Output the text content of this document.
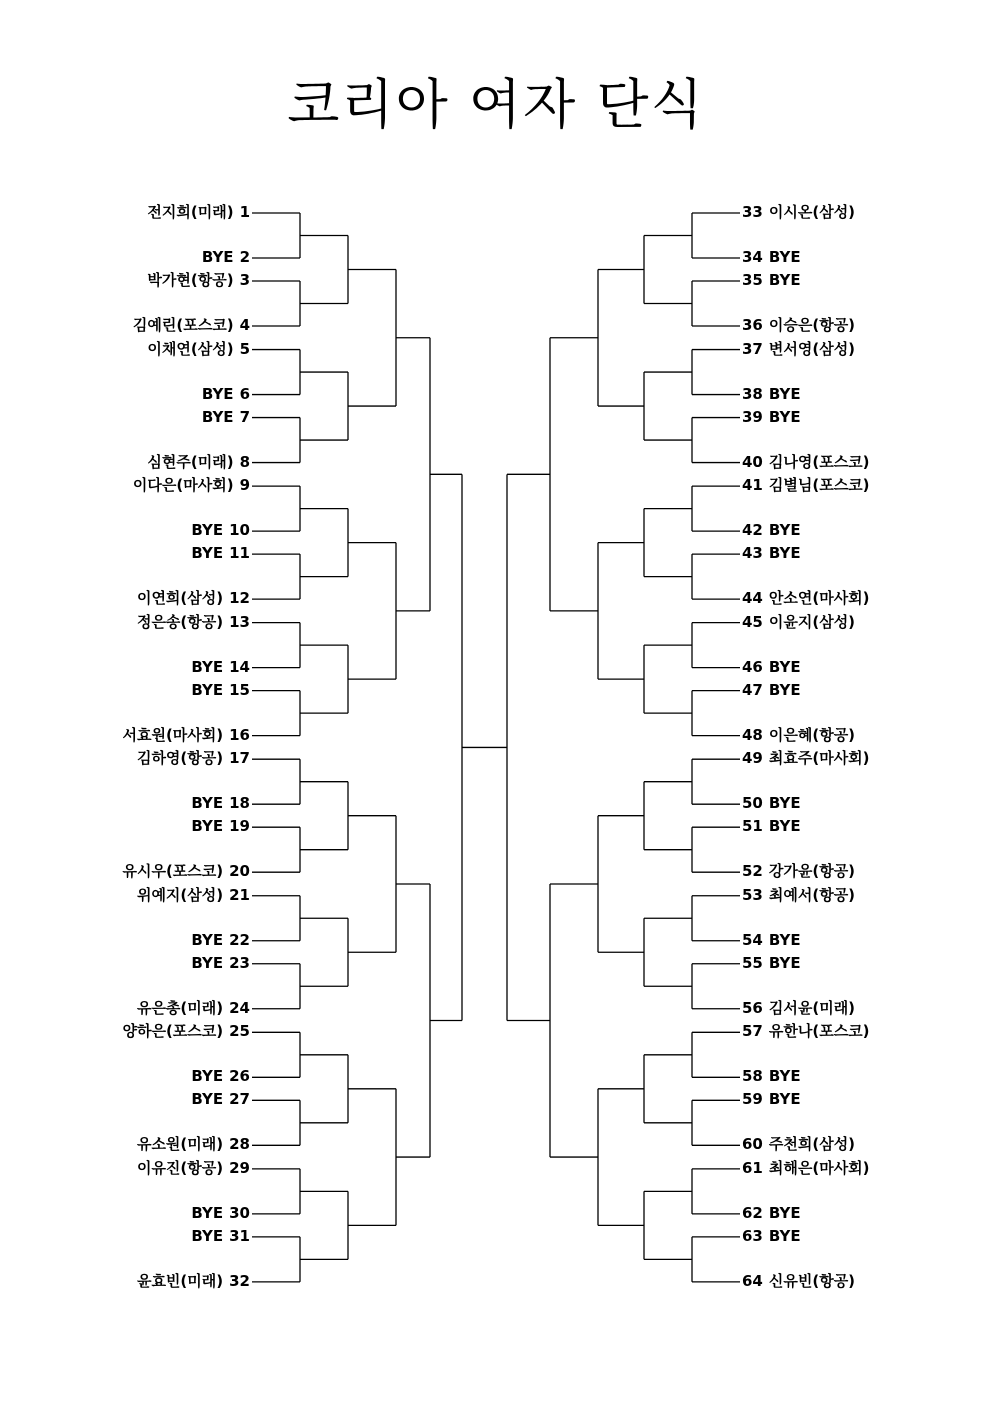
코리아 여자 단식
전지희(미래) 1
BYE 2
박가현(항공) 3
김예린(포스코) 4
이채연(삼성) 5
BYE 6
BYE 7
심현주(미래) 8
이다은(마사회) 9
BYE 10
BYE 11
이연희(삼성) 12
정은송(항공) 13
BYE 14
BYE 15
서효원(마사회) 16
김하영(항공) 17
BYE 18
BYE 19
유시우(포스코) 20
위예지(삼성) 21
BYE 22
BYE 23
유은총(미래) 24
양하은(포스코) 25
BYE 26
BYE 27
유소원(미래) 28
이유진(항공) 29
BYE 30
BYE 31
윤효빈(미래) 32
33 이시온(삼성)
34 BYE
35 BYE
36 이승은(항공)
37 변서영(삼성)
38 BYE
39 BYE
40 김나영(포스코)
41 김별님(포스코)
42 BYE
43 BYE
44 안소연(마사회)
45 이윤지(삼성)
46 BYE
47 BYE
48 이은혜(항공)
49 최효주(마사회)
50 BYE
51 BYE
52 강가윤(항공)
53 최예서(항공)
54 BYE
55 BYE
56 김서윤(미래)
57 유한나(포스코)
58 BYE
59 BYE
60 주천희(삼성)
61 최해은(마사회)
62 BYE
63 BYE
64 신유빈(항공)
